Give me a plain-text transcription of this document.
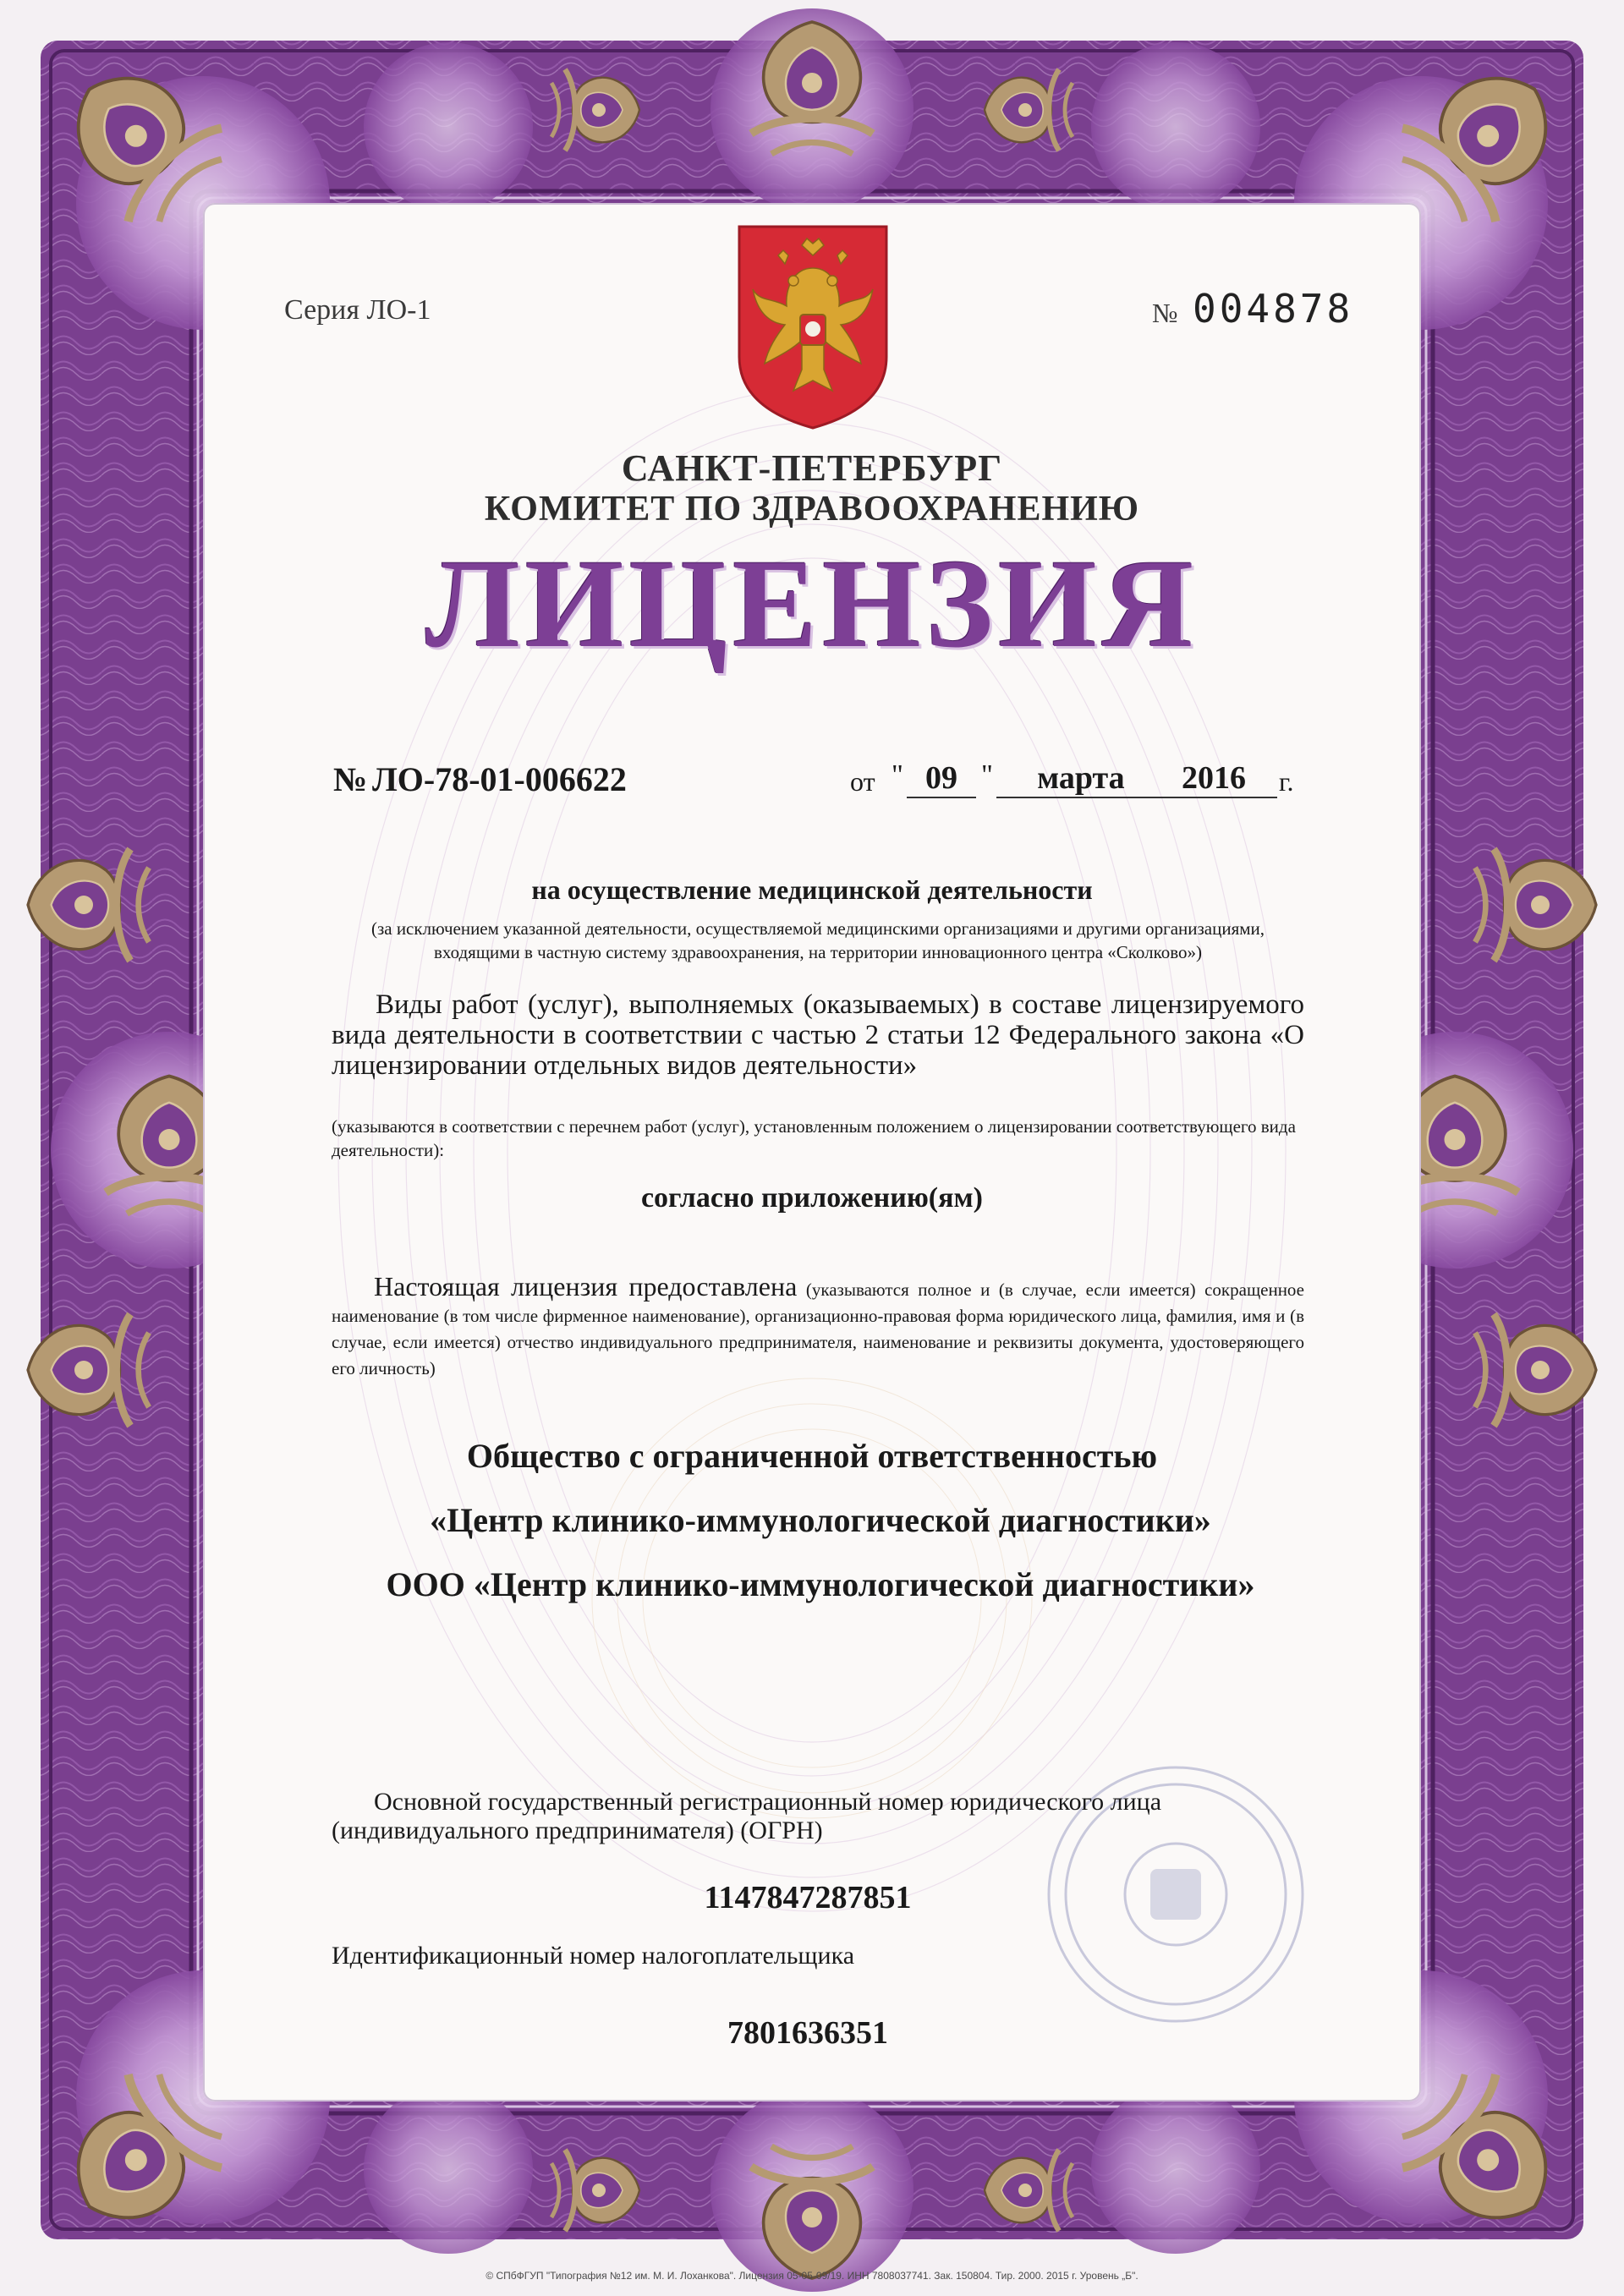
Серия ЛО-1	№ 004878
САНКТ-ПЕТЕРБУРГ
КОМИТЕТ ПО ЗДРАВООХРАНЕНИЮ
ЛИЦЕНЗИЯ
№ ЛО-78-01-006622	от " 09 "	марта	2016	г.
на осуществление медицинской деятельности
(за исключением указанной деятельности, осуществляемой медицинскими организациями и другими организациями, входящими в частную систему здравоохранения, на территории инновационного центра «Сколково»)
Виды работ (услуг), выполняемых (оказываемых) в составе лицензируемого вида деятельности в соответствии с частью 2 статьи 12 Федерального закона «О лицензировании отдельных видов деятельности»
(указываются в соответствии с перечнем работ (услуг), установленным положением о лицензировании соответствующего вида деятельности):
согласно приложению(ям)
Настоящая лицензия предоставлена (указываются полное и (в случае, если имеется) сокращенное наименование (в том числе фирменное наименование), организационно-правовая форма юридического лица, фамилия, имя и (в случае, если имеется) отчество индивидуального предпринимателя, наименование и реквизиты документа, удостоверяющего его личность)
Общество с ограниченной ответственностью
«Центр клинико-иммунологической диагностики»
ООО «Центр клинико-иммунологической диагностики»
Основной государственный регистрационный номер юридического лица (индивидуального предпринимателя) (ОГРН)
1147847287851
Идентификационный номер налогоплательщика
7801636351
© СПбФГУП "Типография №12 им. М. И. Лоханкова". Лицензия 05-05-09/19. ИНН 7808037741. Зак. 150804. Тир. 2000. 2015 г. Уровень „Б".
